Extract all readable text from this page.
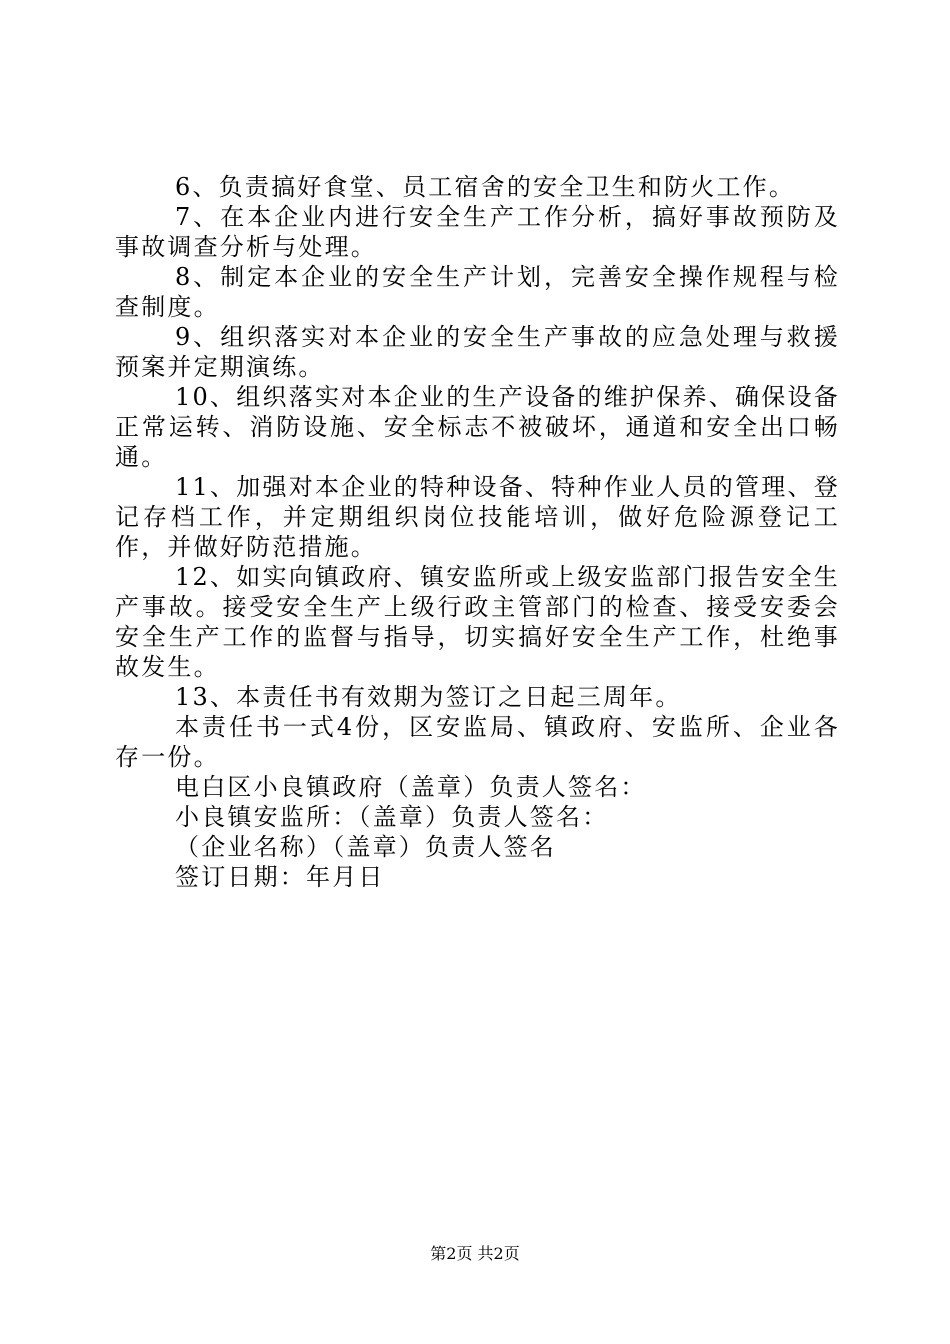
6、负责搞好食堂、员工宿舍的安全卫生和防火工作。

7、在本企业内进行安全生产工作分析，搞好事故预防及事故调查分析与处理。

8、制定本企业的安全生产计划，完善安全操作规程与检查制度。

9、组织落实对本企业的安全生产事故的应急处理与救援预案并定期演练。

10、组织落实对本企业的生产设备的维护保养、确保设备正常运转、消防设施、安全标志不被破坏，通道和安全出口畅通。

11、加强对本企业的特种设备、特种作业人员的管理、登记存档工作，并定期组织岗位技能培训，做好危险源登记工作，并做好防范措施。

12、如实向镇政府、镇安监所或上级安监部门报告安全生产事故。接受安全生产上级行政主管部门的检查、接受安委会安全生产工作的监督与指导，切实搞好安全生产工作，杜绝事故发生。

13、本责任书有效期为签订之日起三周年。

本责任书一式4份，区安监局、镇政府、安监所、企业各存一份。

电白区小良镇政府（盖章）负责人签名：

小良镇安监所：（盖章）负责人签名：

（企业名称）（盖章）负责人签名

签订日期：年月日

第2页 共2页
